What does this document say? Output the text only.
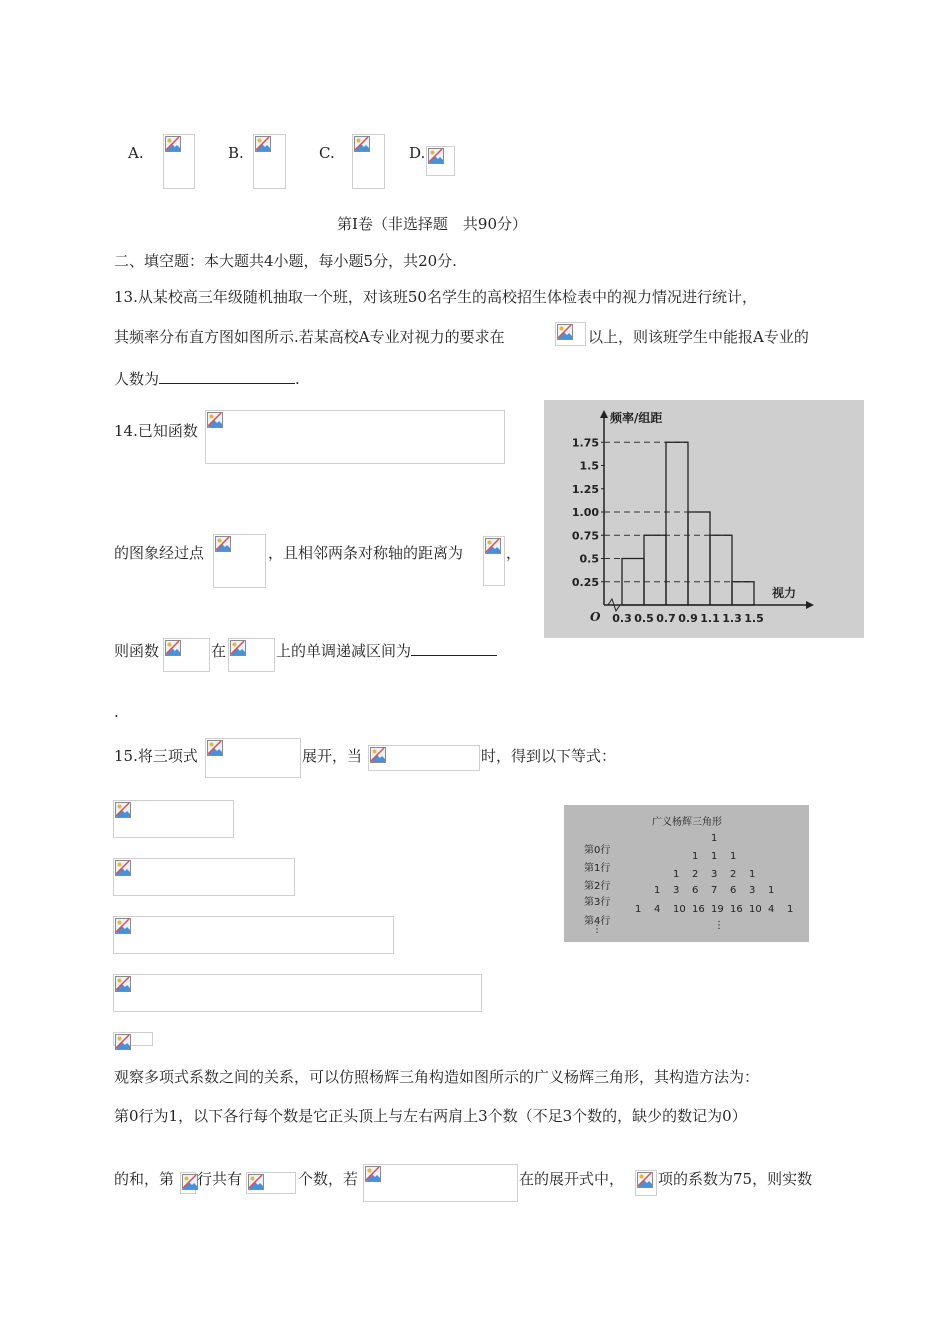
A.	B.	C.	D.
第Ⅰ卷（非选择题　共90分）
二、填空题：本大题共4小题，每小题5分，共20分.
13.从某校高三年级随机抽取一个班，对该班50名学生的高校招生体检表中的视力情况进行统计，
其频率分布直方图如图所示.若某高校A专业对视力的要求在	以上，则该班学生中能报A专业的
人数为	.
频率/组距
视力
O
0.25
0.5
0.75
1.00
1.25
1.5
1.75
0.3 0.5 0.7 0.9 1.1 1.3 1.5
14.已知函数
的图象经过点	，且相邻两条对称轴的距离为	，
则函数	在	上的单调递减区间为
.
15.将三项式	展开，当	时，得到以下等式：
广义杨辉三角形
⋮	⋮
第0行
1
第1行
1 1 1
第2行
1 2 3 2 1
第3行
1 3 6 7 6 3 1
第4行
1 4 10 16 19 16 10 4 1
观察多项式系数之间的关系，可以仿照杨辉三角构造如图所示的广义杨辉三角形，其构造方法为：
第0行为1，以下各行每个数是它正头顶上与左右两肩上3个数（不足3个数的，缺少的数记为0）
的和，第 行共有	个数，若	在的展开式中， 项的系数为75，则实数
